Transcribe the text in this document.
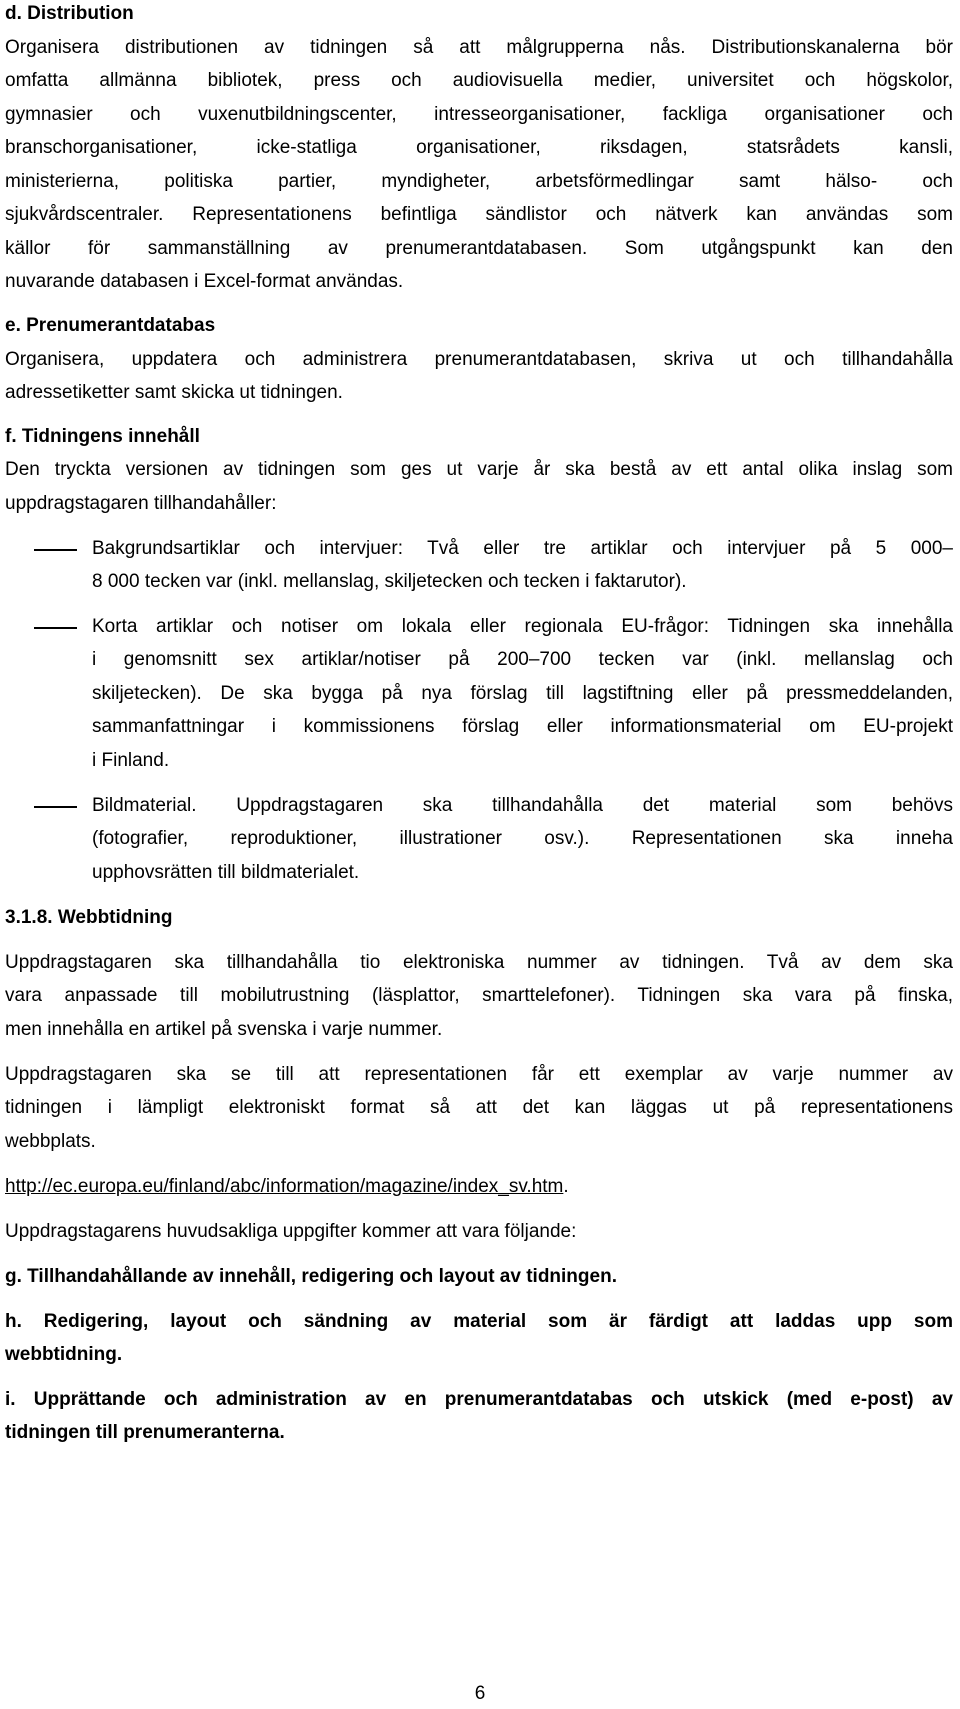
d. Distribution
Organisera distributionen av tidningen så att målgrupperna nås. Distributionskanalerna bör
omfatta allmänna bibliotek, press och audiovisuella medier, universitet och högskolor,
gymnasier och vuxenutbildningscenter, intresseorganisationer, fackliga organisationer och
branschorganisationer, icke-statliga organisationer, riksdagen, statsrådets kansli,
ministerierna, politiska partier, myndigheter, arbetsförmedlingar samt hälso- och
sjukvårdscentraler. Representationens befintliga sändlistor och nätverk kan användas som
källor för sammanställning av prenumerantdatabasen. Som utgångspunkt kan den
nuvarande databasen i Excel-format användas.
e. Prenumerantdatabas
Organisera, uppdatera och administrera prenumerantdatabasen, skriva ut och tillhandahålla
adressetiketter samt skicka ut tidningen.
f. Tidningens innehåll
Den tryckta versionen av tidningen som ges ut varje år ska bestå av ett antal olika inslag som
uppdragstagaren tillhandahåller:
Bakgrundsartiklar och intervjuer: Två eller tre artiklar och intervjuer på 5 000–
8 000 tecken var (inkl. mellanslag, skiljetecken och tecken i faktarutor).
Korta artiklar och notiser om lokala eller regionala EU-frågor: Tidningen ska innehålla
i genomsnitt sex artiklar/notiser på 200–700 tecken var (inkl. mellanslag och
skiljetecken). De ska bygga på nya förslag till lagstiftning eller på pressmeddelanden,
sammanfattningar i kommissionens förslag eller informationsmaterial om EU-projekt
i Finland.
Bildmaterial. Uppdragstagaren ska tillhandahålla det material som behövs
(fotografier, reproduktioner, illustrationer osv.). Representationen ska inneha
upphovsrätten till bildmaterialet.
3.1.8. Webbtidning
Uppdragstagaren ska tillhandahålla tio elektroniska nummer av tidningen. Två av dem ska
vara anpassade till mobilutrustning (läsplattor, smarttelefoner). Tidningen ska vara på finska,
men innehålla en artikel på svenska i varje nummer.
Uppdragstagaren ska se till att representationen får ett exemplar av varje nummer av
tidningen i lämpligt elektroniskt format så att det kan läggas ut på representationens
webbplats.
http://ec.europa.eu/finland/abc/information/magazine/index_sv.htm.
Uppdragstagarens huvudsakliga uppgifter kommer att vara följande:
g. Tillhandahållande av innehåll, redigering och layout av tidningen.
h. Redigering, layout och sändning av material som är färdigt att laddas upp som
webbtidning.
i. Upprättande och administration av en prenumerantdatabas och utskick (med e-post) av
tidningen till prenumeranterna.
6
